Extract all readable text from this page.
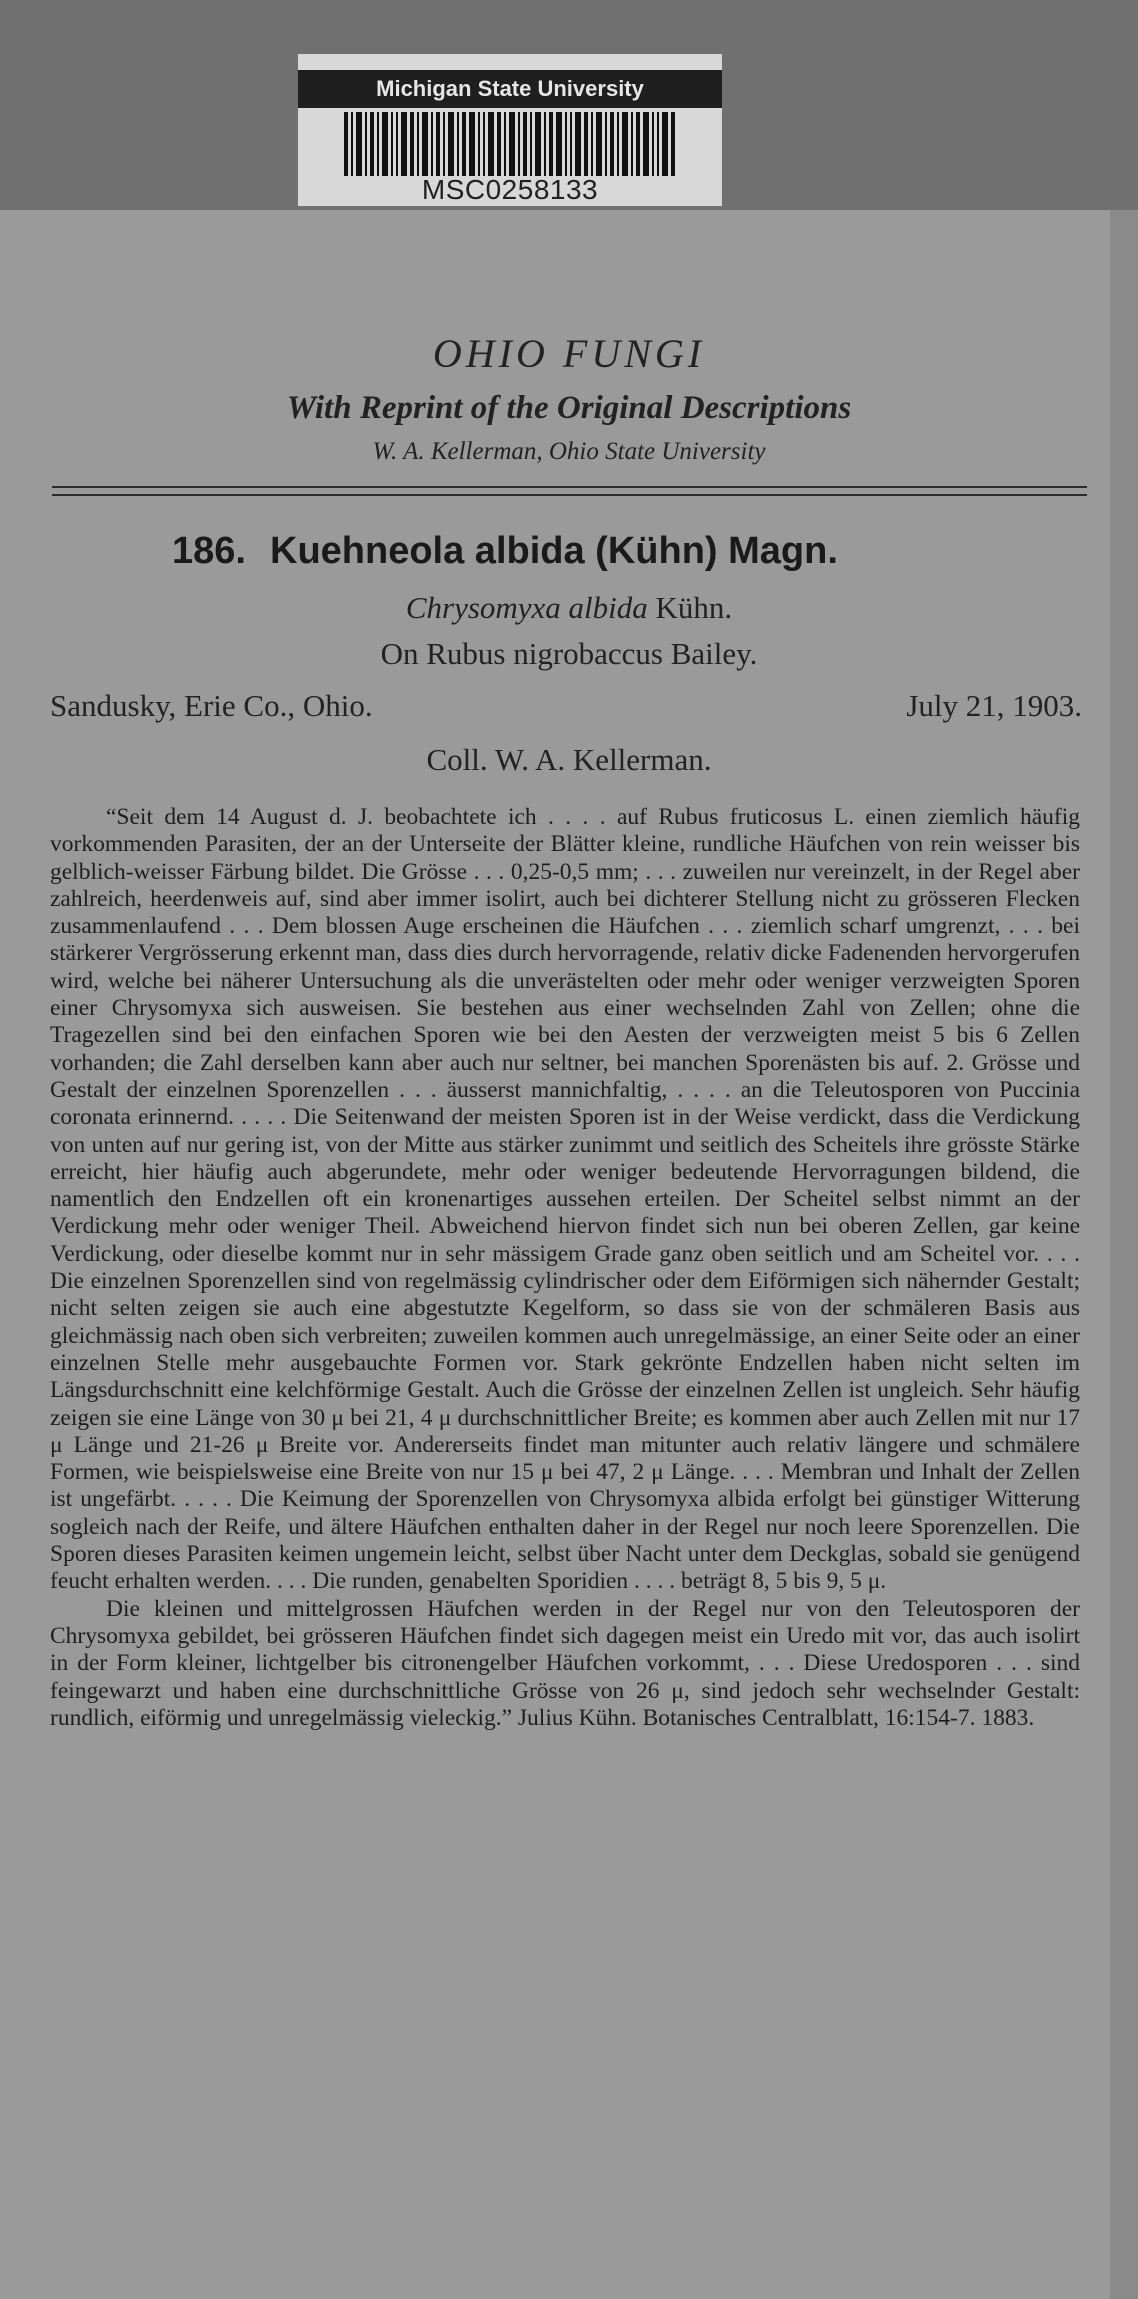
Michigan State University
MSC0258133
OHIO FUNGI
With Reprint of the Original Descriptions
W. A. Kellerman, Ohio State University
186. Kuehneola albida (Kühn) Magn.
Chrysomyxa albida Kühn.
On Rubus nigrobaccus Bailey.
Sandusky, Erie Co., Ohio.	July 21, 1903.
Coll. W. A. Kellerman.

“Seit dem 14 August d. J. beobachtete ich . . . . auf Rubus fruticosus L. einen ziemlich häufig vorkommenden Parasiten, der an der Unterseite der Blätter kleine, rundliche Häufchen von rein weisser bis gelblich-weisser Färbung bildet. Die Grösse . . . 0,25-0,5 mm; . . . zuweilen nur vereinzelt, in der Regel aber zahlreich, heerdenweis auf, sind aber immer isolirt, auch bei dichterer Stellung nicht zu grösseren Flecken zusammenlaufend . . . Dem blossen Auge erscheinen die Häufchen . . . ziemlich scharf umgrenzt, . . . bei stärkerer Vergrösserung erkennt man, dass dies durch hervorragende, relativ dicke Fadenenden hervorgerufen wird, welche bei näherer Untersuchung als die unverästelten oder mehr oder weniger verzweigten Sporen einer Chrysomyxa sich ausweisen. Sie bestehen aus einer wechselnden Zahl von Zellen; ohne die Tragezellen sind bei den einfachen Sporen wie bei den Aesten der verzweigten meist 5 bis 6 Zellen vorhanden; die Zahl derselben kann aber auch nur seltner, bei manchen Sporenästen bis auf. 2. Grösse und Gestalt der einzelnen Sporenzellen . . . äusserst mannichfaltig, . . . . an die Teleutosporen von Puccinia coronata erinnernd. . . . . Die Seitenwand der meisten Sporen ist in der Weise verdickt, dass die Verdickung von unten auf nur gering ist, von der Mitte aus stärker zunimmt und seitlich des Scheitels ihre grösste Stärke erreicht, hier häufig auch abgerundete, mehr oder weniger bedeutende Hervorragungen bildend, die namentlich den Endzellen oft ein kronenartiges aussehen erteilen. Der Scheitel selbst nimmt an der Verdickung mehr oder weniger Theil. Abweichend hiervon findet sich nun bei oberen Zellen, gar keine Verdickung, oder dieselbe kommt nur in sehr mässigem Grade ganz oben seitlich und am Scheitel vor. . . . Die einzelnen Sporenzellen sind von regelmässig cylindrischer oder dem Eiförmigen sich nähernder Gestalt; nicht selten zeigen sie auch eine abgestutzte Kegelform, so dass sie von der schmäleren Basis aus gleichmässig nach oben sich verbreiten; zuweilen kommen auch unregelmässige, an einer Seite oder an einer einzelnen Stelle mehr ausgebauchte Formen vor. Stark gekrönte Endzellen haben nicht selten im Längsdurchschnitt eine kelchförmige Gestalt. Auch die Grösse der einzelnen Zellen ist ungleich. Sehr häufig zeigen sie eine Länge von 30 μ bei 21, 4 μ durchschnittlicher Breite; es kommen aber auch Zellen mit nur 17 μ Länge und 21-26 μ Breite vor. Andererseits findet man mitunter auch relativ längere und schmälere Formen, wie beispielsweise eine Breite von nur 15 μ bei 47, 2 μ Länge. . . . Membran und Inhalt der Zellen ist ungefärbt. . . . . Die Keimung der Sporenzellen von Chrysomyxa albida erfolgt bei günstiger Witterung sogleich nach der Reife, und ältere Häufchen enthalten daher in der Regel nur noch leere Sporenzellen. Die Sporen dieses Parasiten keimen ungemein leicht, selbst über Nacht unter dem Deckglas, sobald sie genügend feucht erhalten werden. . . . Die runden, genabelten Sporidien . . . . beträgt 8, 5 bis 9, 5 μ.

Die kleinen und mittelgrossen Häufchen werden in der Regel nur von den Teleutosporen der Chrysomyxa gebildet, bei grösseren Häufchen findet sich dagegen meist ein Uredo mit vor, das auch isolirt in der Form kleiner, lichtgelber bis citronengelber Häufchen vorkommt, . . . Diese Uredosporen . . . sind feingewarzt und haben eine durchschnittliche Grösse von 26 μ, sind jedoch sehr wechselnder Gestalt: rundlich, eiförmig und unregelmässig vieleckig.” Julius Kühn. Botanisches Centralblatt, 16:154-7. 1883.
